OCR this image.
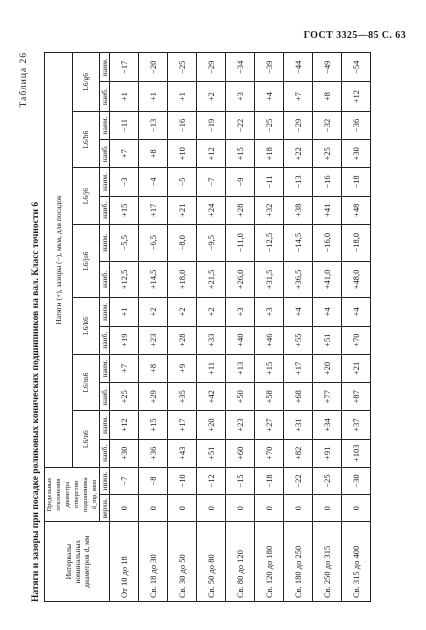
ГОСТ 3325—85 С. 63
Таблица 26
Натяги и зазоры при посадке роликовых конических подшипников на вал. Класс точности 6	Интервалы номинальных диаметров d, мм	Предельные отклонения диаметра отверстия подшипника d_mp, мкм		Натяги (+), зазоры (−), мкм, для посадок													
			L6/n6		L6/m6		L6/k6		L6/js6		L6/j6		L6/h6		L6/g6	
	верхн.	нижн.	наиб.	наим.	наиб.	наим.	наиб.	наим.	наиб.	наим.	наиб.	наим.	наиб.	наим.	наиб.	наим.
От 10 до 18	0	−7	+30	+12	+25	+7	+19	+1	+12,5	−5,5	+15	−3	+7	−11	+1	−17
Св. 18 до 30	0	−8	+36	+15	+29	+8	+23	+2	+14,5	−6,5	+17	−4	+8	−13	+1	−20
Св. 30 до 50	0	−10	+43	+17	+35	+9	+28	+2	+18,0	−8,0	+21	−5	+10	−16	+1	−25
Св. 50 до 80	0	−12	+51	+20	+42	+11	+33	+2	+21,5	−9,5	+24	−7	+12	−19	+2	−29
Св. 80 до 120	0	−15	+60	+23	+50	+13	+40	+3	+26,0	−11,0	+28	−9	+15	−22	+3	−34
Св. 120 до 180	0	−18	+70	+27	+58	+15	+46	+3	+31,5	−12,5	+32	−11	+18	−25	+4	−39
Св. 180 до 250	0	−22	+82	+31	+68	+17	+55	+4	+36,5	−14,5	+38	−13	+22	−29	+7	−44
Св. 250 до 315	0	−25	+91	+34	+77	+20	+51	+4	+41,0	−16,0	+41	−16	+25	−32	+8	−49
Св. 315 до 400	0	−30	+103	+37	+87	+21	+70	+4	+48,0	−18,0	+48	−18	+30	−36	+12	−54
